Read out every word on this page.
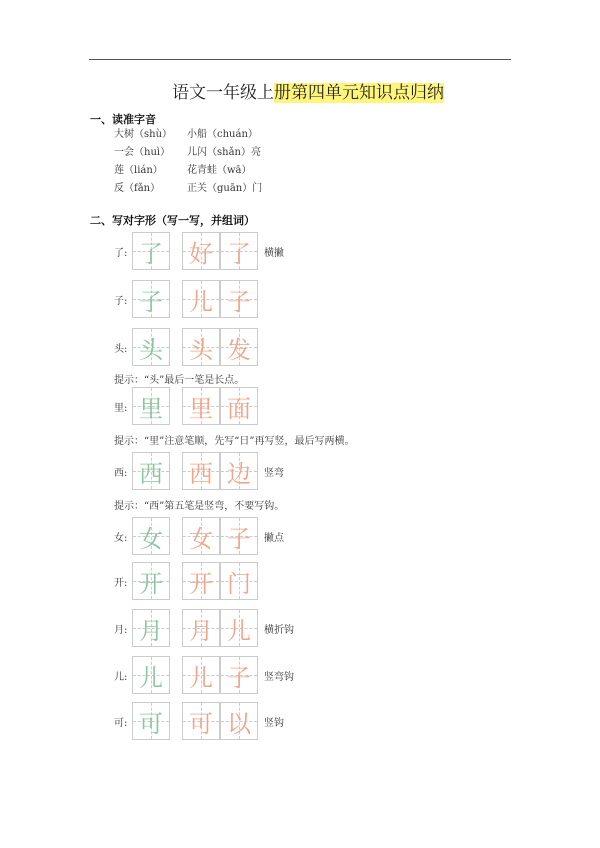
语文一年级上册第四单元知识点归纳
一、读准字音
大树（shù） 小船（chuán）
一会（huì） 儿闪（shǎn）亮
莲（lián） 花青蛙（wā）
反（fǎn）	正关（guān）门
二、写对字形（写一写，并组词）
了: 了 好 了 横撇
子: 子 儿 子
头: 头 头 发
里: 里 里 面
西: 西 西 边 竖弯
女: 女 女 子 撇点
开: 开 开 门
月: 月 月 儿 横折钩
儿: 儿 儿 子 竖弯钩
可: 可 可 以 竖钩
提示：“头”最后一笔是长点。
提示：“里”注意笔顺，先写“日”再写竖，最后写两横。
提示：“西”第五笔是竖弯，不要写钩。
